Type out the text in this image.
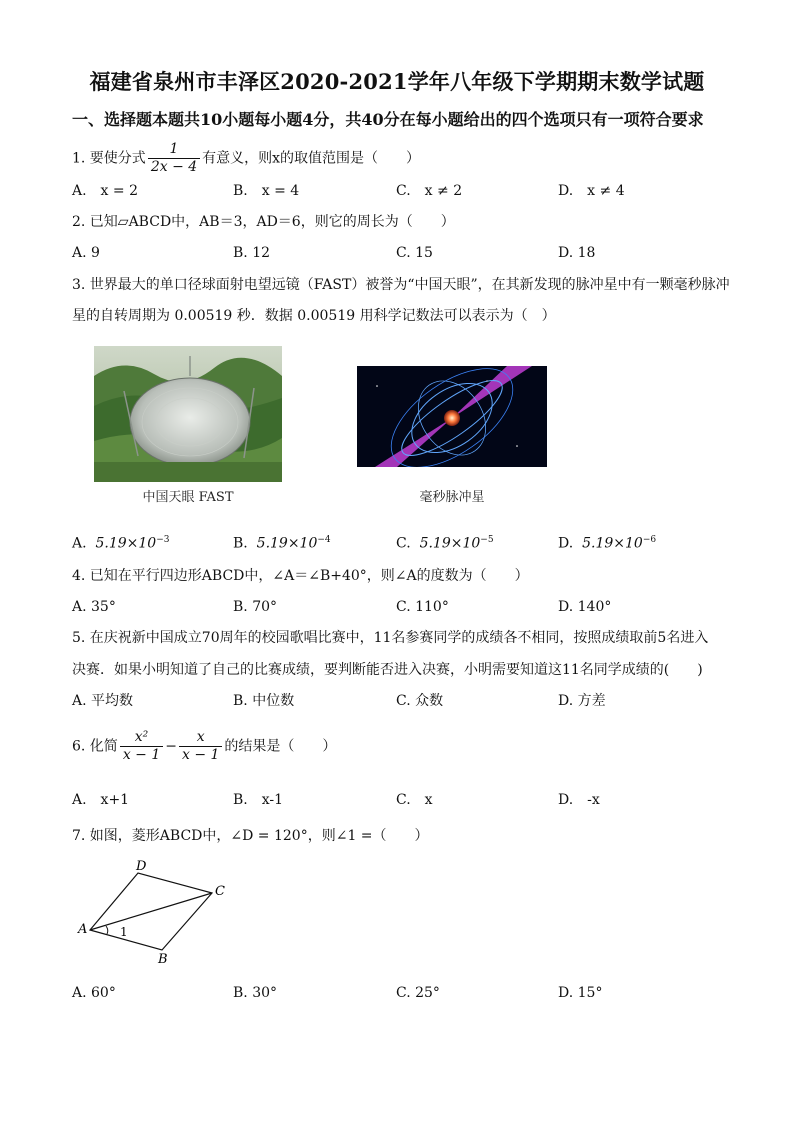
福建省泉州市丰泽区2020-2021学年八年级下学期期末数学试题
一、选择题本题共10小题每小题4分，共40分在每小题给出的四个选项只有一项符合要求
1. 要使分式 $\frac{1}{2x - 4}$ 有意义，则x的取值范围是（　　）
A.　x = 2	B.　x = 4	C.　x ≠ 2	D.　x ≠ 4
2. 已知▱ABCD中，AB＝3，AD＝6，则它的周长为（　　）
A. 9	B. 12	C. 15	D. 18
3. 世界最大的单口径球面射电望远镜（FAST）被誉为“中国天眼”，在其新发现的脉冲星中有一颗毫秒脉冲
星的自转周期为 0.00519 秒．数据 0.00519 用科学记数法可以表示为（　）
中国天眼 FAST	毫秒脉冲星
A. $5.19\times 10^{-3}$	B. $5.19\times 10^{-4}$	C. $5.19\times 10^{-5}$	D. $5.19\times 10^{-6}$
4. 已知在平行四边形ABCD中，∠A＝∠B+40°，则∠A的度数为（　　）
A. 35°	B. 70°	C. 110°	D. 140°
5. 在庆祝新中国成立70周年的校园歌唱比赛中，11名参赛同学的成绩各不相同，按照成绩取前5名进入
决赛．如果小明知道了自己的比赛成绩，要判断能否进入决赛，小明需要知道这11名同学成绩的(　　)
A. 平均数	B. 中位数	C. 众数	D. 方差
6. 化简 $\frac{\text{x²}}{x - 1} - \frac{x}{x - 1}$ 的结果是（　　）
A.　x+1	B.　x-1	C.　x	D.　-x
7. 如图，菱形ABCD中，∠D = 120°，则∠1 =（　　）
A
D
C
B
1
A. 60°	B. 30°	C. 25°	D. 15°
